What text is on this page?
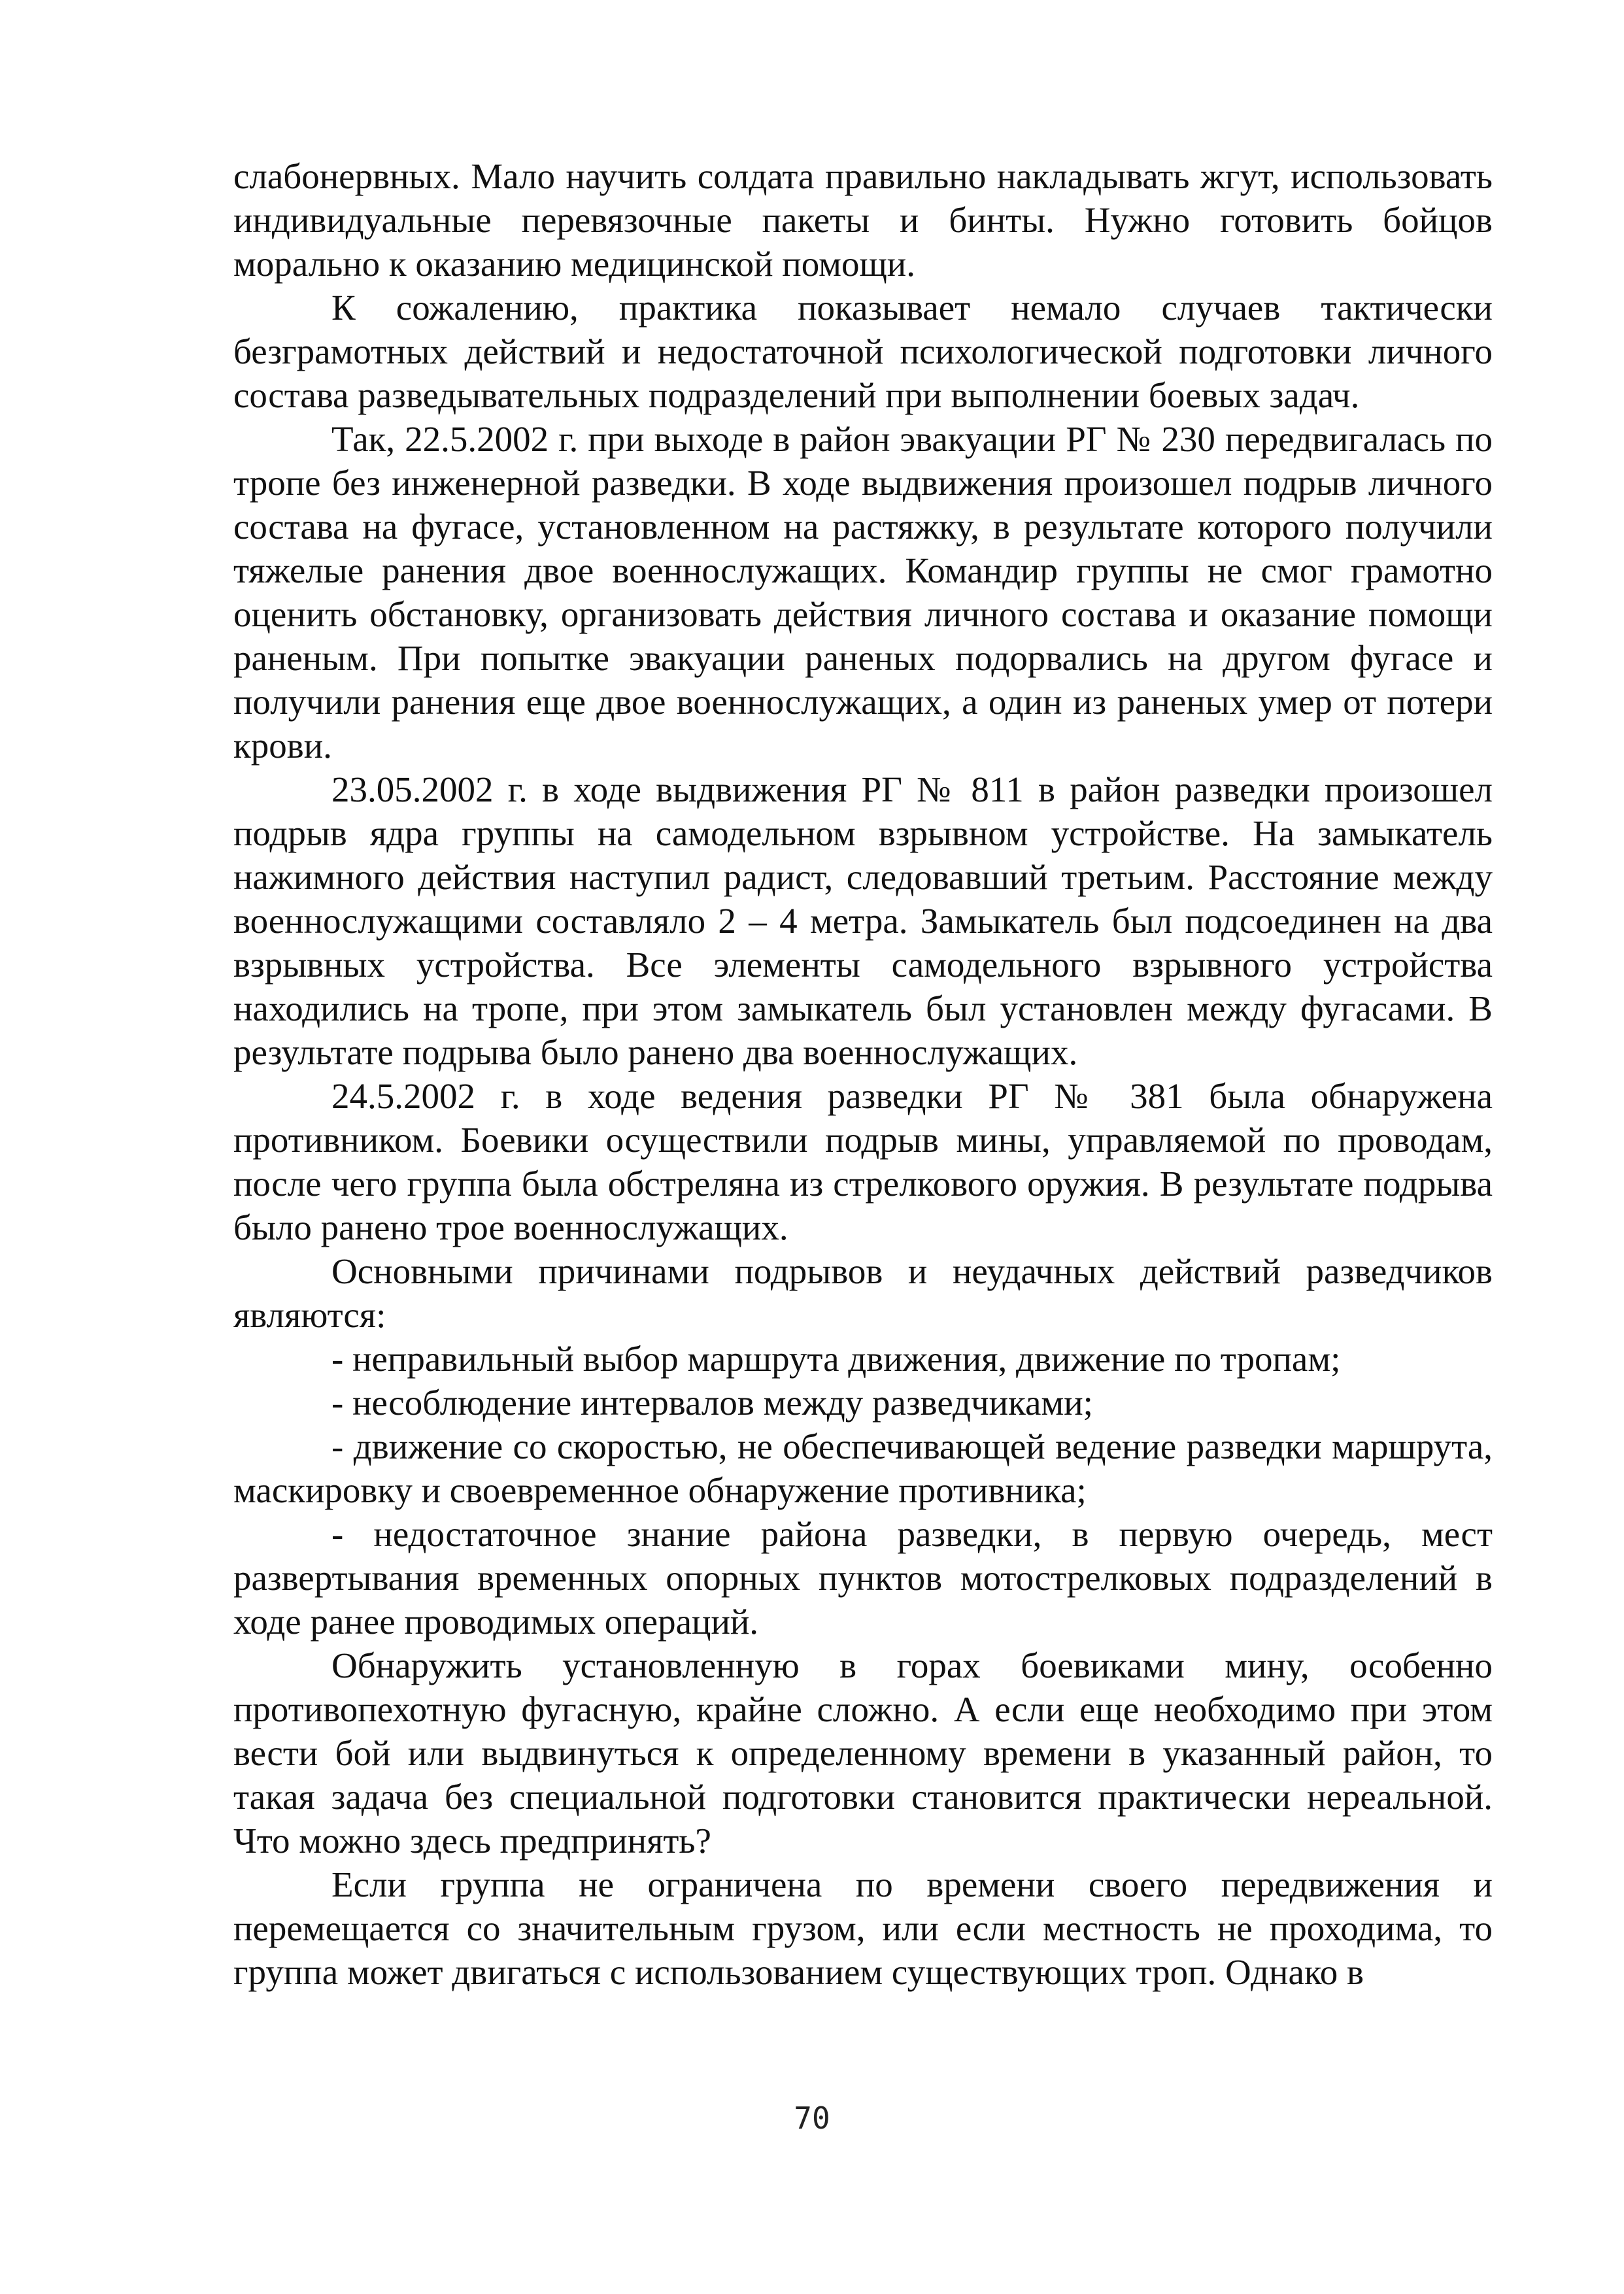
слабонервных. Мало научить солдата правильно накладывать жгут, использовать индивидуальные перевязочные пакеты и бинты. Нужно готовить бойцов морально к оказанию медицинской помощи.

К сожалению, практика показывает немало случаев тактически безграмотных действий и недостаточной психологической подготовки личного состава разведывательных подразделений при выполнении боевых задач.

Так, 22.5.2002 г. при выходе в район эвакуации РГ № 230 передвигалась по тропе без инженерной разведки. В ходе выдвижения произошел подрыв личного состава на фугасе, установленном на растяжку, в результате которого получили тяжелые ранения двое военнослужащих. Командир группы не смог грамотно оценить обстановку, организовать действия личного состава и оказание помощи раненым. При попытке эвакуации раненых подорвались на другом фугасе и получили ранения еще двое военнослужащих, а один из раненых умер от потери крови.

23.05.2002 г. в ходе выдвижения РГ № 811 в район разведки произошел подрыв ядра группы на самодельном взрывном устройстве. На замыкатель нажимного действия наступил радист, следовавший третьим. Расстояние между военнослужащими составляло 2 – 4 метра. Замыкатель был подсоединен на два взрывных устройства. Все элементы самодельного взрывного устройства находились на тропе, при этом замыкатель был установлен между фугасами. В результате подрыва было ранено два военнослужащих.

24.5.2002 г. в ходе ведения разведки РГ № 381 была обнаружена противником. Боевики осуществили подрыв мины, управляемой по проводам, после чего группа была обстреляна из стрелкового оружия. В результате подрыва было ранено трое военнослужащих.

Основными причинами подрывов и неудачных действий разведчиков являются:

- неправильный выбор маршрута движения, движение по тропам;

- несоблюдение интервалов между разведчиками;

- движение со скоростью, не обеспечивающей ведение разведки маршрута, маскировку и своевременное обнаружение противника;

- недостаточное знание района разведки, в первую очередь, мест развертывания временных опорных пунктов мотострелковых подразделений в ходе ранее проводимых операций.

Обнаружить установленную в горах боевиками мину, особенно противопехотную фугасную, крайне сложно. А если еще необходимо при этом вести бой или выдвинуться к определенному времени в указанный район, то такая задача без специальной подготовки становится практически нереальной. Что можно здесь предпринять?

Если группа не ограничена по времени своего передвижения и перемещается со значительным грузом, или если местность не проходима, то группа может двигаться с использованием существующих троп. Однако в

70
